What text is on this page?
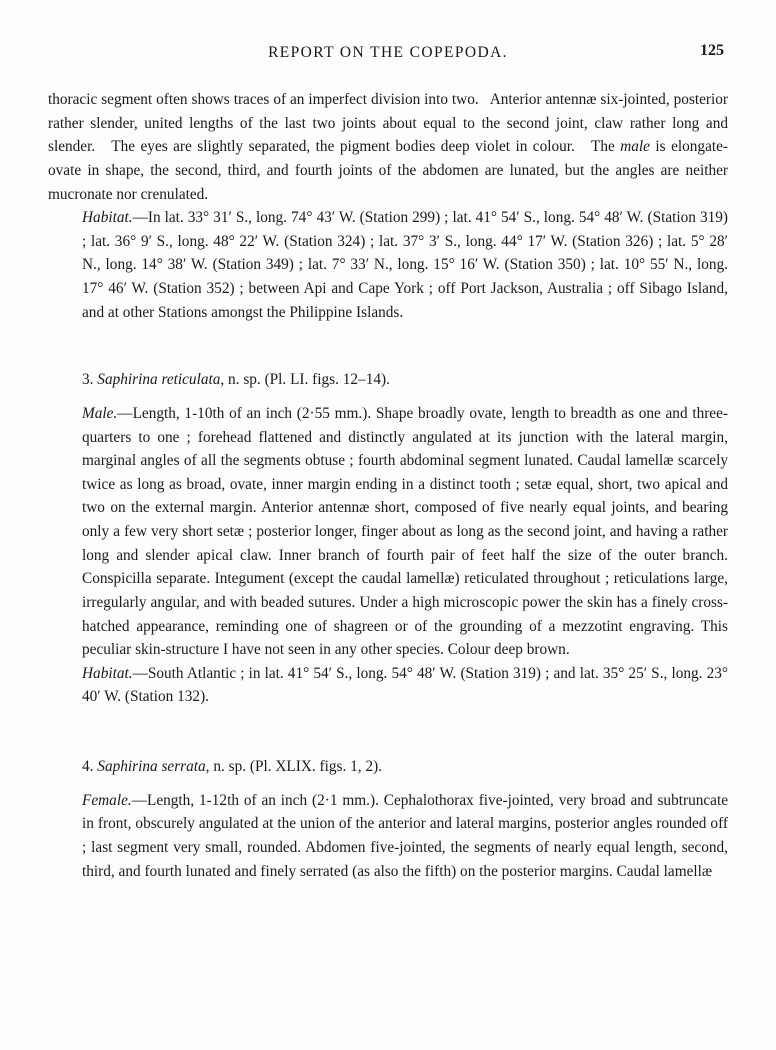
REPORT ON THE COPEPODA.	125

thoracic segment often shows traces of an imperfect division into two. Anterior antennæ six-jointed, posterior rather slender, united lengths of the last two joints about equal to the second joint, claw rather long and slender. The eyes are slightly separated, the pigment bodies deep violet in colour. The male is elongate-ovate in shape, the second, third, and fourth joints of the abdomen are lunated, but the angles are neither mucronate nor crenulated.

Habitat.—In lat. 33° 31′ S., long. 74° 43′ W. (Station 299) ; lat. 41° 54′ S., long. 54° 48′ W. (Station 319) ; lat. 36° 9′ S., long. 48° 22′ W. (Station 324) ; lat. 37° 3′ S., long. 44° 17′ W. (Station 326) ; lat. 5° 28′ N., long. 14° 38′ W. (Station 349) ; lat. 7° 33′ N., long. 15° 16′ W. (Station 350) ; lat. 10° 55′ N., long. 17° 46′ W. (Station 352) ; between Api and Cape York ; off Port Jackson, Australia ; off Sibago Island, and at other Stations amongst the Philippine Islands.

3. Saphirina reticulata, n. sp. (Pl. LI. figs. 12–14).

Male.—Length, 1-10th of an inch (2·55 mm.). Shape broadly ovate, length to breadth as one and three-quarters to one ; forehead flattened and distinctly angulated at its junction with the lateral margin, marginal angles of all the segments obtuse ; fourth abdominal segment lunated. Caudal lamellæ scarcely twice as long as broad, ovate, inner margin ending in a distinct tooth ; setæ equal, short, two apical and two on the external margin. Anterior antennæ short, composed of five nearly equal joints, and bearing only a few very short setæ ; posterior longer, finger about as long as the second joint, and having a rather long and slender apical claw. Inner branch of fourth pair of feet half the size of the outer branch. Conspicilla separate. Integument (except the caudal lamellæ) reticulated throughout ; reticulations large, irregularly angular, and with beaded sutures. Under a high microscopic power the skin has a finely cross-hatched appearance, reminding one of shagreen or of the grounding of a mezzotint engraving. This peculiar skin-structure I have not seen in any other species. Colour deep brown.

Habitat.—South Atlantic ; in lat. 41° 54′ S., long. 54° 48′ W. (Station 319) ; and lat. 35° 25′ S., long. 23° 40′ W. (Station 132).

4. Saphirina serrata, n. sp. (Pl. XLIX. figs. 1, 2).

Female.—Length, 1-12th of an inch (2·1 mm.). Cephalothorax five-jointed, very broad and subtruncate in front, obscurely angulated at the union of the anterior and lateral margins, posterior angles rounded off ; last segment very small, rounded. Abdomen five-jointed, the segments of nearly equal length, second, third, and fourth lunated and finely serrated (as also the fifth) on the posterior margins. Caudal lamellæ
